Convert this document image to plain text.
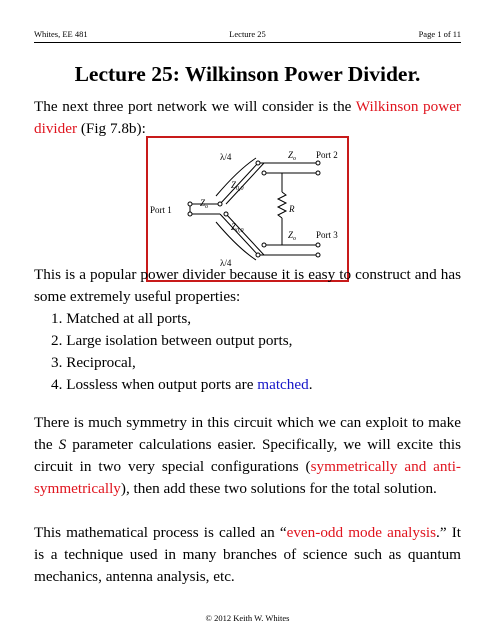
Whites, EE 481	Lecture 25	Page 1 of 11
Lecture 25: Wilkinson Power Divider.

The next three port network we will consider is the Wilkinson power divider (Fig 7.8b):

λ/4
λ/4
$Z_{0,0}$
$Z_{0,0}$
Port 1
$Z_o$	R
$Z_o$ Port 2
$Z_o$ Port 3

This is a popular power divider because it is easy to construct and has some extremely useful properties:

1. Matched at all ports,
2. Large isolation between output ports,
3. Reciprocal,
4. Lossless when output ports are matched.

There is much symmetry in this circuit which we can exploit to make the S parameter calculations easier. Specifically, we will excite this circuit in two very special configurations (symmetrically and anti-symmetrically), then add these two solutions for the total solution.

This mathematical process is called an “even-odd mode analysis.” It is a technique used in many branches of science such as quantum mechanics, antenna analysis, etc.

© 2012 Keith W. Whites
